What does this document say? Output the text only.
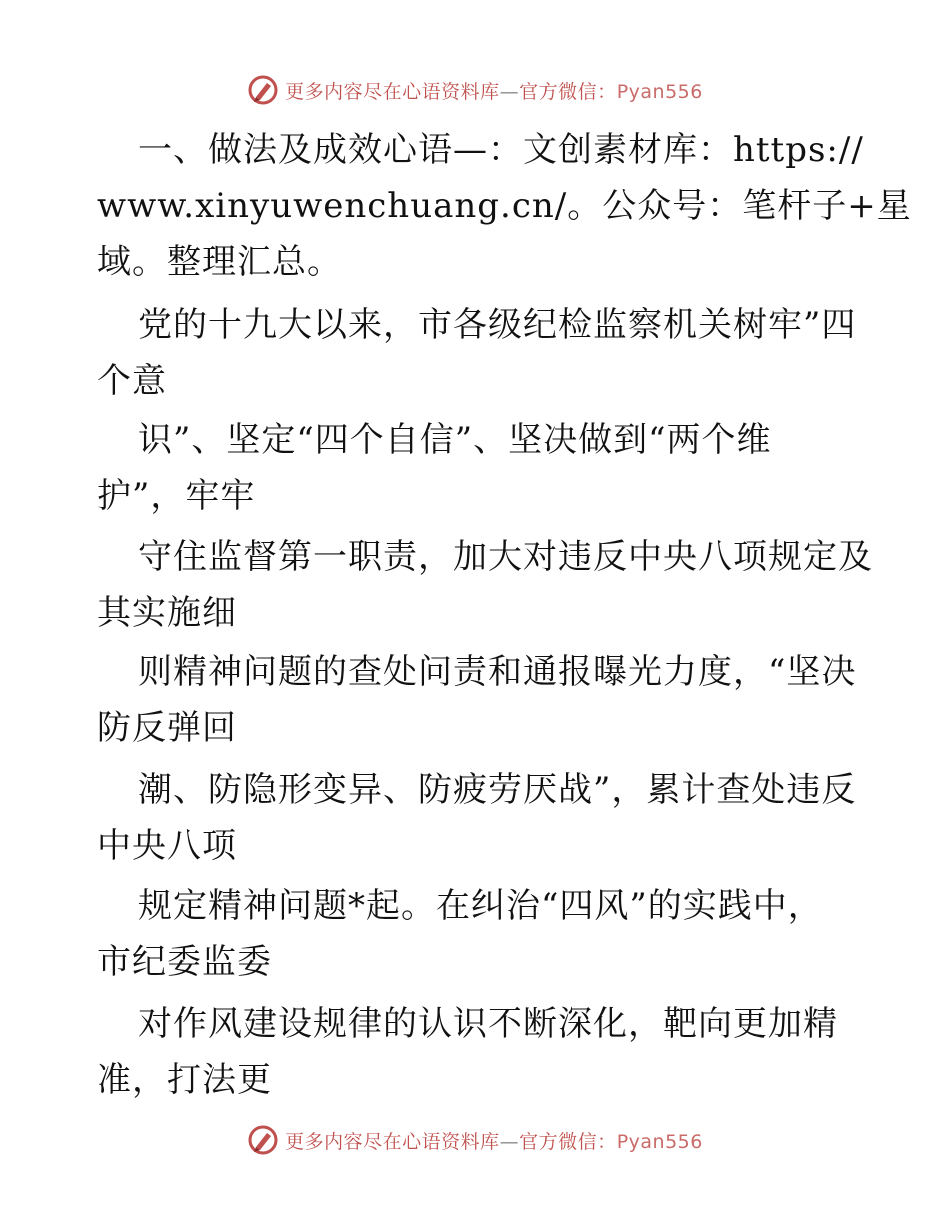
更多内容尽在心语资料库—官方微信：Pyan556
一、做法及成效心语—：文创素材库：https://
www.xinyuwenchuang.cn/。公众号：笔杆子+星
域。整理汇总。
党的十九大以来，市各级纪检监察机关树牢”四
个意
识”、坚定“四个自信”、坚决做到“两个维
护”，牢牢
守住监督第一职责，加大对违反中央八项规定及
其实施细
则精神问题的查处问责和通报曝光力度，“坚决
防反弹回
潮、防隐形变异、防疲劳厌战”，累计查处违反
中央八项
规定精神问题*起。在纠治“四风”的实践中，
市纪委监委
对作风建设规律的认识不断深化，靶向更加精
准，打法更
更多内容尽在心语资料库—官方微信：Pyan556
